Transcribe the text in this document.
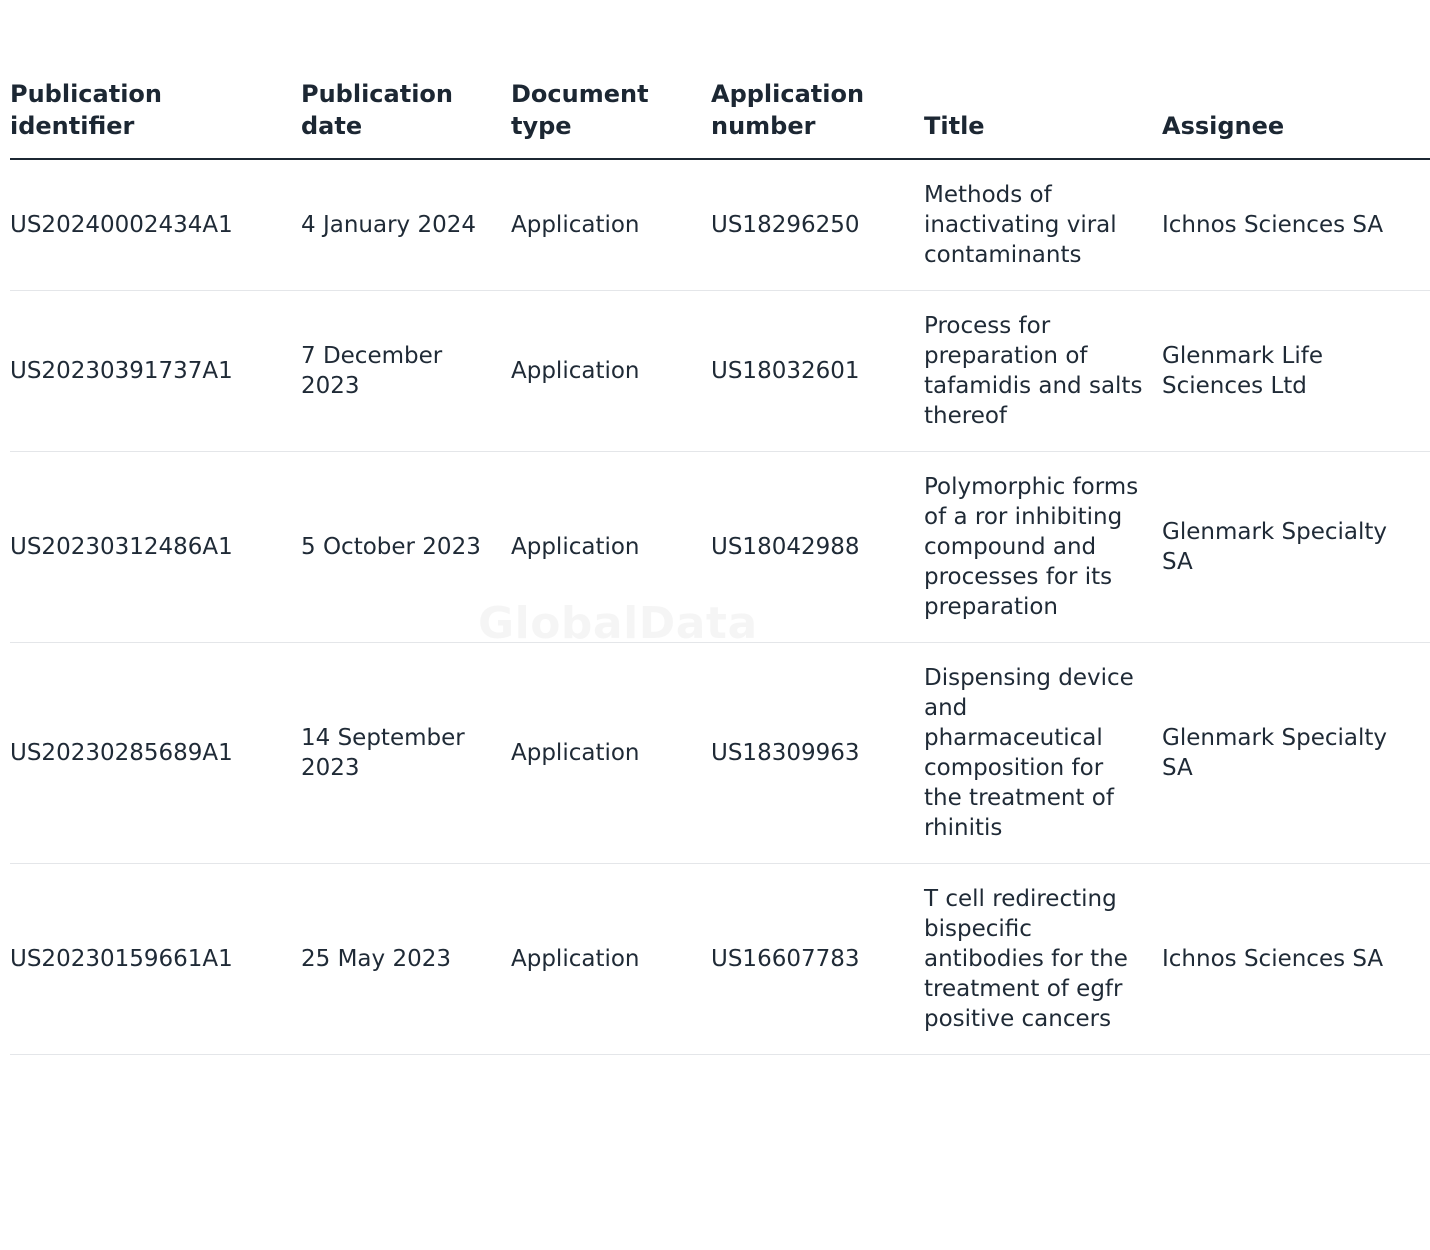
Publication identifier	Publication date	Document type	Application number	Title	Assignee
US20240002434A1	4 January 2024	Application	US18296250	Methods of inactivating viral contaminants	Ichnos Sciences SA
US20230391737A1	7 December 2023	Application	US18032601	Process for preparation of tafamidis and salts thereof	Glenmark Life Sciences Ltd
US20230312486A1	5 October 2023	Application	US18042988	Polymorphic forms of a ror inhibiting compound and processes for its preparation	Glenmark Specialty SA
US20230285689A1	14 September 2023	Application	US18309963	Dispensing device and pharmaceutical composition for the treatment of rhinitis	Glenmark Specialty SA
US20230159661A1	25 May 2023	Application	US16607783	T cell redirecting bispecific antibodies for the treatment of egfr positive cancers	Ichnos Sciences SA
